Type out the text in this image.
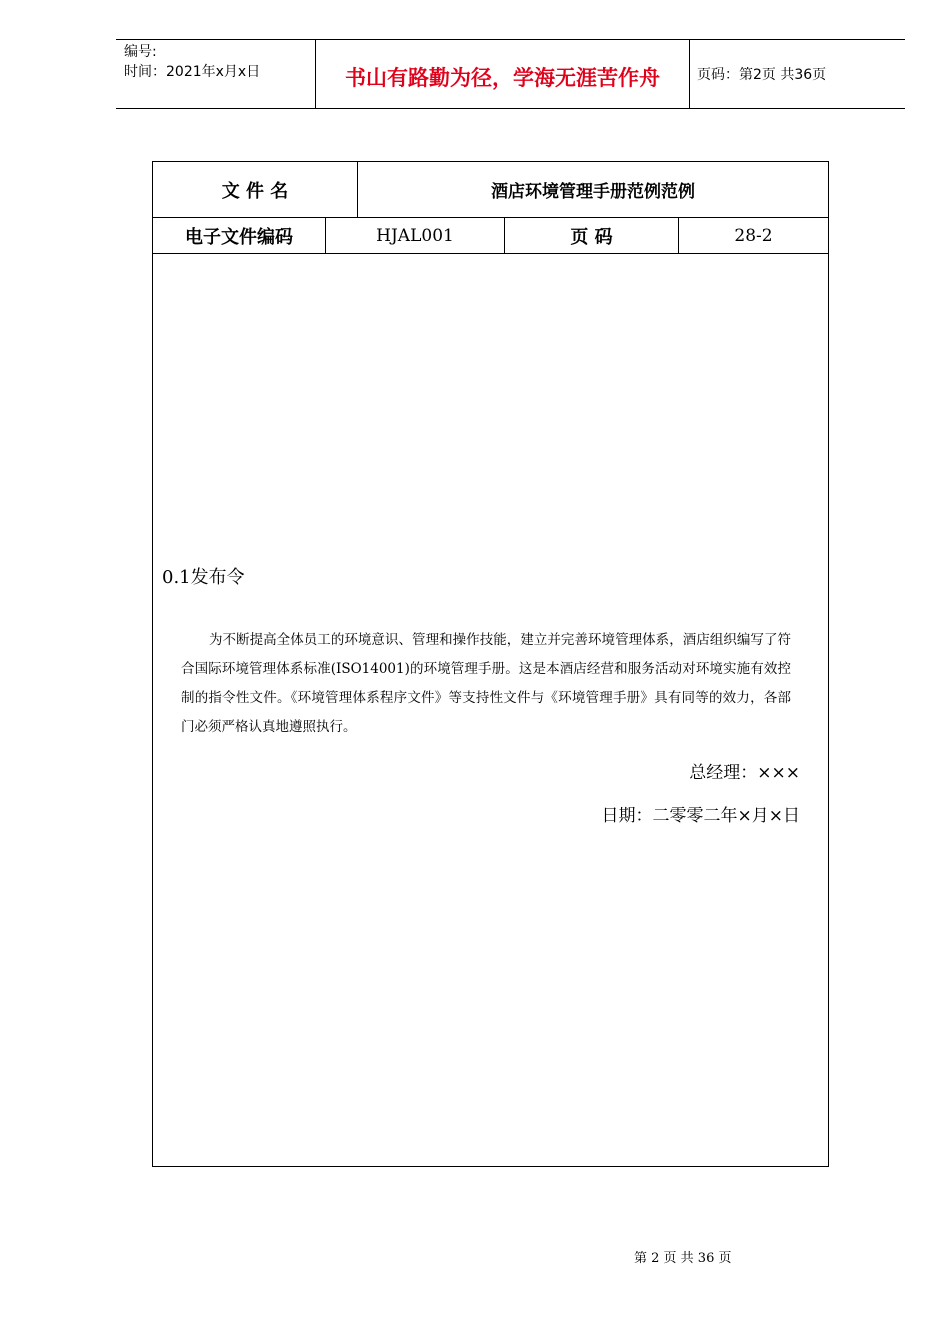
编号:
时间：2021年x月x日	书山有路勤为径，学海无涯苦作舟	页码：第2页 共36页
文 件 名	酒店环境管理手册范例范例
电子文件编码	HJAL001	页 码	28-2
0.1发布令
为不断提高全体员工的环境意识、管理和操作技能，建立并完善环境管理体系，酒店组织编写了符合国际环境管理体系标准(ISO14001)的环境管理手册。这是本酒店经营和服务活动对环境实施有效控制的指令性文件。《环境管理体系程序文件》等支持性文件与《环境管理手册》具有同等的效力，各部门必须严格认真地遵照执行。
总经理：×××
日期：二零零二年×月×日
第 2 页 共 36 页
